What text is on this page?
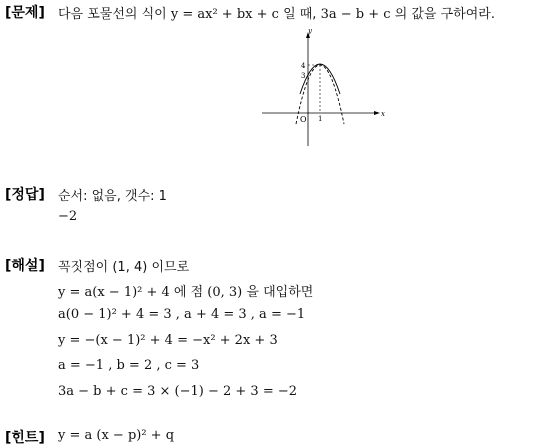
[문제] 다음 포물선의 식이 y = ax² + bx + c 일 때, 3a − b + c 의 값을 구하여라.
y
x
O 1
4
3
[정답] 순서: 없음, 갯수: 1
−2
[해설] 꼭짓점이 (1, 4) 이므로
y = a(x − 1)² + 4 에 점 (0, 3) 을 대입하면
a(0 − 1)² + 4 = 3 , a + 4 = 3 , a = −1
y = −(x − 1)² + 4 = −x² + 2x + 3
a = −1 , b = 2 , c = 3
3a − b + c = 3 × (−1) − 2 + 3 = −2
[힌트] y = a (x − p)² + q
